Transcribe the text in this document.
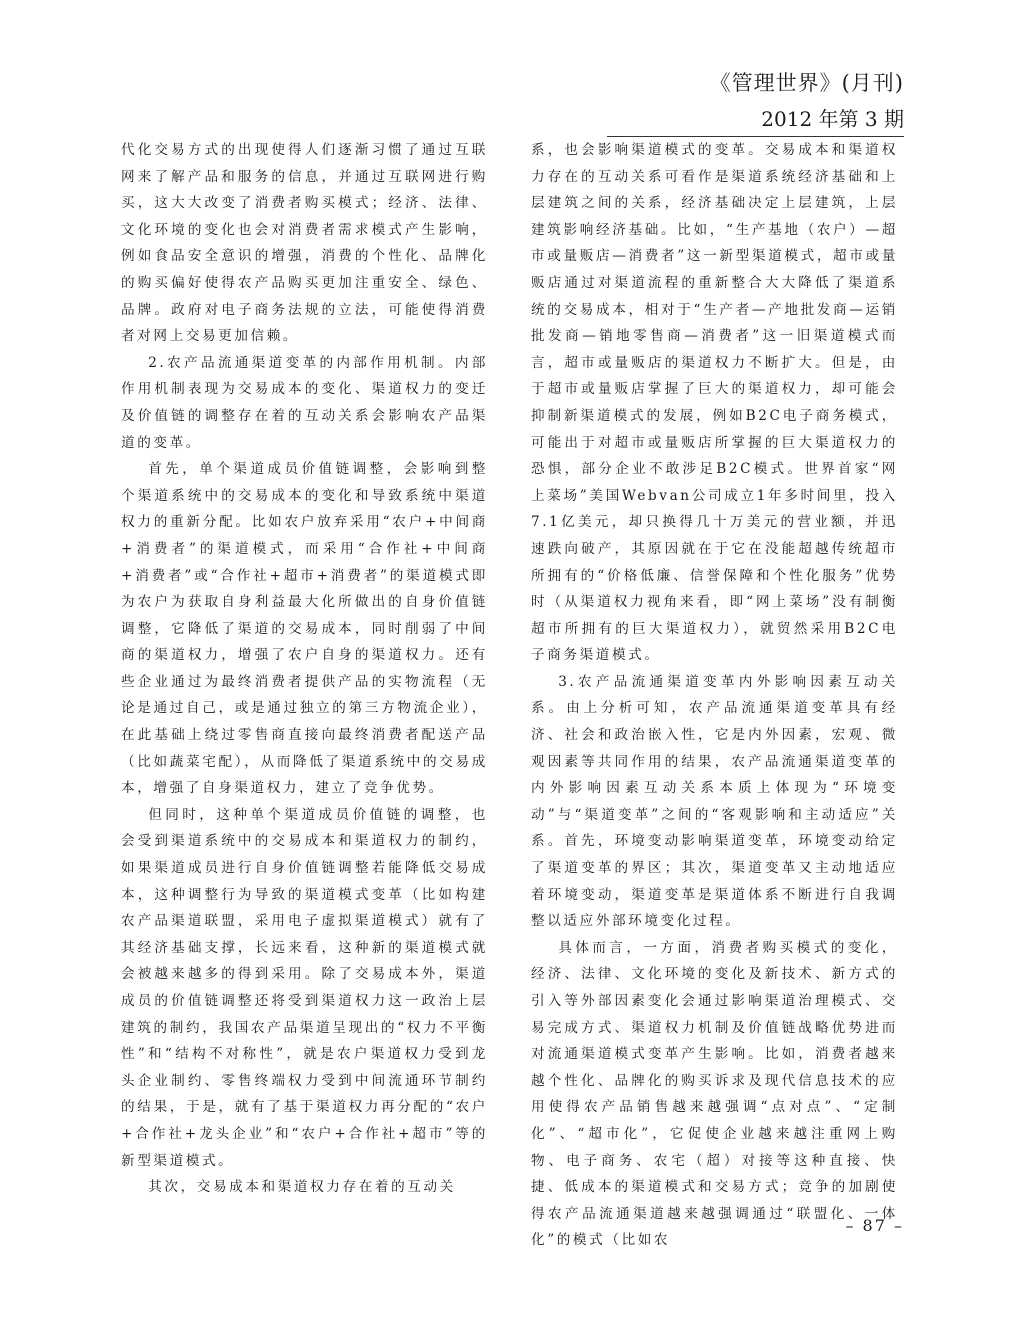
《管理世界》(月刊)
2012 年第 3 期

代化交易方式的出现使得人们逐渐习惯了通过互联网来了解产品和服务的信息，并通过互联网进行购买，这大大改变了消费者购买模式；经济、法律、文化环境的变化也会对消费者需求模式产生影响，例如食品安全意识的增强，消费的个性化、品牌化的购买偏好使得农产品购买更加注重安全、绿色、品牌。政府对电子商务法规的立法，可能使得消费者对网上交易更加信赖。

2.农产品流通渠道变革的内部作用机制。内部作用机制表现为交易成本的变化、渠道权力的变迁及价值链的调整存在着的互动关系会影响农产品渠道的变革。

首先，单个渠道成员价值链调整，会影响到整个渠道系统中的交易成本的变化和导致系统中渠道权力的重新分配。比如农户放弃采用“农户+中间商+消费者”的渠道模式，而采用“合作社+中间商+消费者”或“合作社+超市+消费者”的渠道模式即为农户为获取自身利益最大化所做出的自身价值链调整，它降低了渠道的交易成本，同时削弱了中间商的渠道权力，增强了农户自身的渠道权力。还有些企业通过为最终消费者提供产品的实物流程（无论是通过自己，或是通过独立的第三方物流企业），在此基础上绕过零售商直接向最终消费者配送产品（比如蔬菜宅配），从而降低了渠道系统中的交易成本，增强了自身渠道权力，建立了竞争优势。

但同时，这种单个渠道成员价值链的调整，也会受到渠道系统中的交易成本和渠道权力的制约，如果渠道成员进行自身价值链调整若能降低交易成本，这种调整行为导致的渠道模式变革（比如构建农产品渠道联盟，采用电子虚拟渠道模式）就有了其经济基础支撑，长远来看，这种新的渠道模式就会被越来越多的得到采用。除了交易成本外，渠道成员的价值链调整还将受到渠道权力这一政治上层建筑的制约，我国农产品渠道呈现出的“权力不平衡性”和“结构不对称性”，就是农户渠道权力受到龙头企业制约、零售终端权力受到中间流通环节制约的结果，于是，就有了基于渠道权力再分配的“农户+合作社+龙头企业”和“农户+合作社+超市”等的新型渠道模式。

其次，交易成本和渠道权力存在着的互动关

系，也会影响渠道模式的变革。交易成本和渠道权力存在的互动关系可看作是渠道系统经济基础和上层建筑之间的关系，经济基础决定上层建筑，上层建筑影响经济基础。比如，“生产基地（农户）—超市或量贩店—消费者”这一新型渠道模式，超市或量贩店通过对渠道流程的重新整合大大降低了渠道系统的交易成本，相对于“生产者—产地批发商—运销批发商—销地零售商—消费者”这一旧渠道模式而言，超市或量贩店的渠道权力不断扩大。但是，由于超市或量贩店掌握了巨大的渠道权力，却可能会抑制新渠道模式的发展，例如B2C电子商务模式，可能出于对超市或量贩店所掌握的巨大渠道权力的恐惧，部分企业不敢涉足B2C模式。世界首家“网上菜场”美国Webvan公司成立1年多时间里，投入7.1亿美元，却只换得几十万美元的营业额，并迅速跌向破产，其原因就在于它在没能超越传统超市所拥有的“价格低廉、信誉保障和个性化服务”优势时（从渠道权力视角来看，即“网上菜场”没有制衡超市所拥有的巨大渠道权力），就贸然采用B2C电子商务渠道模式。

3.农产品流通渠道变革内外影响因素互动关系。由上分析可知，农产品流通渠道变革具有经济、社会和政治嵌入性，它是内外因素，宏观、微观因素等共同作用的结果，农产品流通渠道变革的内外影响因素互动关系本质上体现为“环境变动”与“渠道变革”之间的“客观影响和主动适应”关系。首先，环境变动影响渠道变革，环境变动给定了渠道变革的界区；其次，渠道变革又主动地适应着环境变动，渠道变革是渠道体系不断进行自我调整以适应外部环境变化过程。

具体而言，一方面，消费者购买模式的变化，经济、法律、文化环境的变化及新技术、新方式的引入等外部因素变化会通过影响渠道治理模式、交易完成方式、渠道权力机制及价值链战略优势进而对流通渠道模式变革产生影响。比如，消费者越来越个性化、品牌化的购买诉求及现代信息技术的应用使得农产品销售越来越强调“点对点”、“定制化”、“超市化”，它促使企业越来越注重网上购物、电子商务、农宅（超）对接等这种直接、快捷、低成本的渠道模式和交易方式；竞争的加剧使得农产品流通渠道越来越强调通过“联盟化、一体化”的模式（比如农

– 87 –
